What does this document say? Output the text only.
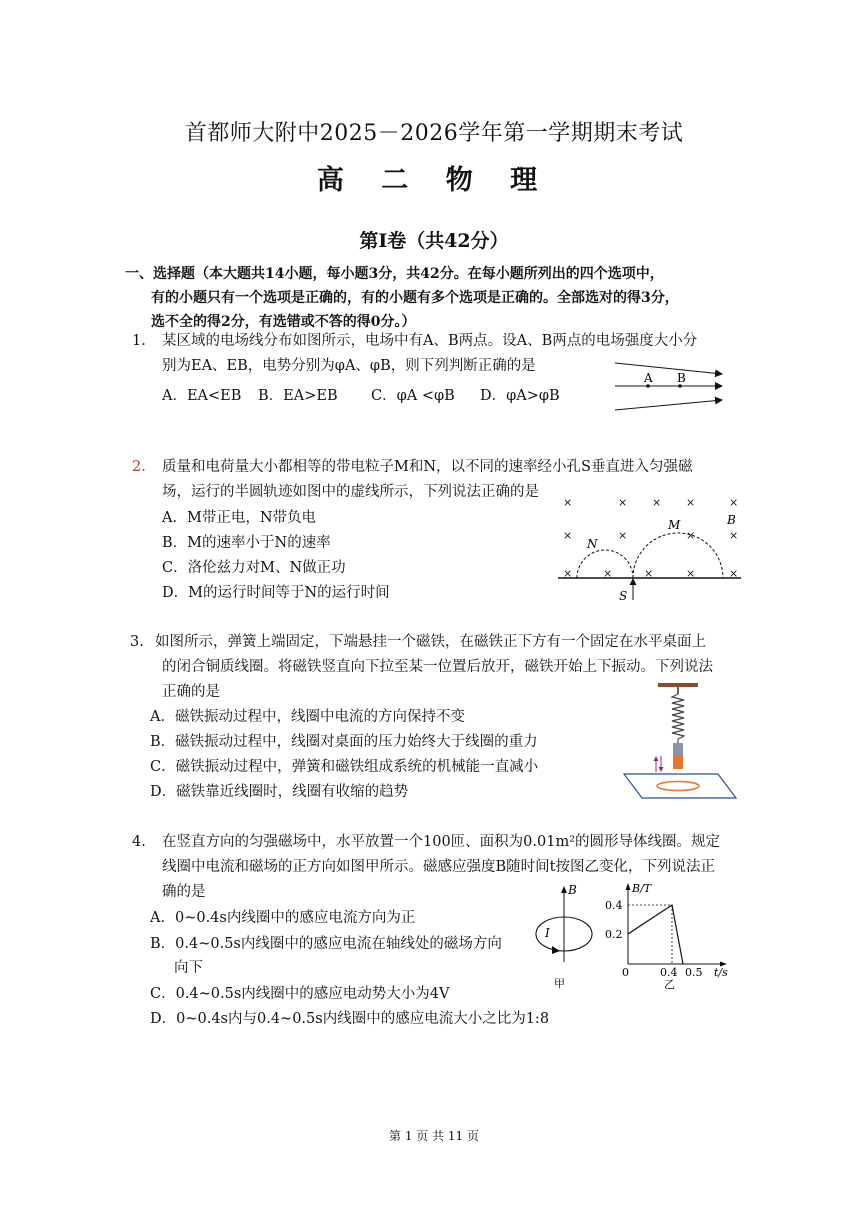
首都师大附中2025－2026学年第一学期期末考试
高 二 物 理
第I卷（共42分）
一、选择题（本大题共14小题，每小题3分，共42分。在每小题所列出的四个选项中，
有的小题只有一个选项是正确的，有的小题有多个选项是正确的。全部选对的得3分，
选不全的得2分，有选错或不答的得0分。）
1. 某区域的电场线分布如图所示，电场中有A、B两点。设A、B两点的电场强度大小分
别为EA、EB，电势分别为φA、φB，则下列判断正确的是
A．EA<EB B．EA>EB C．φA <φB D．φA>φB
A B
2. 质量和电荷量大小都相等的带电粒子M和N，以不同的速率经小孔S垂直进入匀强磁
场，运行的半圆轨迹如图中的虚线所示，下列说法正确的是
A．M带正电，N带负电
B．M的速率小于N的速率
C．洛伦兹力对M、N做正功
D．M的运行时间等于N的运行时间
×	× × ×	×
×	×	×	×
×	×	×	×	×
N
M	B
S
3. 如图所示，弹簧上端固定，下端悬挂一个磁铁，在磁铁正下方有一个固定在水平桌面上
的闭合铜质线圈。将磁铁竖直向下拉至某一位置后放开，磁铁开始上下振动。下列说法
正确的是
A．磁铁振动过程中，线圈中电流的方向保持不变
B．磁铁振动过程中，线圈对桌面的压力始终大于线圈的重力
C．磁铁振动过程中，弹簧和磁铁组成系统的机械能一直减小
D．磁铁靠近线圈时，线圈有收缩的趋势
4. 在竖直方向的匀强磁场中，水平放置一个100匝、面积为0.01m²的圆形导体线圈。规定
线圈中电流和磁场的正方向如图甲所示。磁感应强度B随时间t按图乙变化，下列说法正
确的是
A．0~0.4s内线圈中的感应电流方向为正
B．0.4~0.5s内线圈中的感应电流在轴线处的磁场方向
向下
C．0.4~0.5s内线圈中的感应电动势大小为4V
D．0~0.4s内与0.4~0.5s内线圈中的感应电流大小之比为1:8
B
I
甲
B/T
0.4
0.2
0	0.4 0.5 t/s
乙
第 1 页 共 11 页
